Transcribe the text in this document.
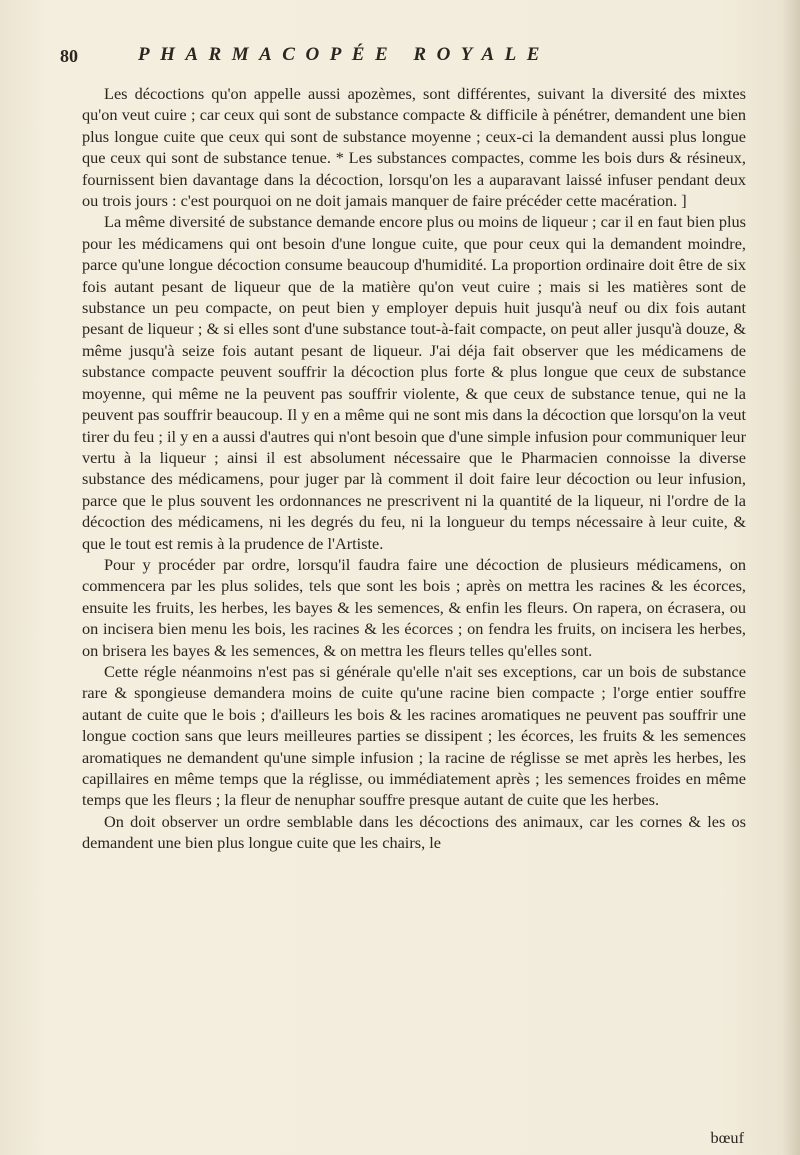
80	PHARMACOPÉE ROYALE

Les décoctions qu'on appelle aussi apozèmes, sont différentes, suivant la diversité des mixtes qu'on veut cuire ; car ceux qui sont de substance compacte & difficile à pénétrer, demandent une bien plus longue cuite que ceux qui sont de substance moyenne ; ceux-ci la demandent aussi plus longue que ceux qui sont de substance tenue. * Les substances compactes, comme les bois durs & résineux, fournissent bien davantage dans la décoction, lorsqu'on les a auparavant laissé infuser pendant deux ou trois jours : c'est pourquoi on ne doit jamais manquer de faire précéder cette macération. ]

La même diversité de substance demande encore plus ou moins de liqueur ; car il en faut bien plus pour les médicamens qui ont besoin d'une longue cuite, que pour ceux qui la demandent moindre, parce qu'une longue décoction consume beaucoup d'humidité. La proportion ordinaire doit être de six fois autant pesant de liqueur que de la matière qu'on veut cuire ; mais si les matières sont de substance un peu compacte, on peut bien y employer depuis huit jusqu'à neuf ou dix fois autant pesant de liqueur ; & si elles sont d'une substance tout-à-fait compacte, on peut aller jusqu'à douze, & même jusqu'à seize fois autant pesant de liqueur. J'ai déja fait observer que les médicamens de substance compacte peuvent souffrir la décoction plus forte & plus longue que ceux de substance moyenne, qui même ne la peuvent pas souffrir violente, & que ceux de substance tenue, qui ne la peuvent pas souffrir beaucoup. Il y en a même qui ne sont mis dans la décoction que lorsqu'on la veut tirer du feu ; il y en a aussi d'autres qui n'ont besoin que d'une simple infusion pour communiquer leur vertu à la liqueur ; ainsi il est absolument nécessaire que le Pharmacien connoisse la diverse substance des médicamens, pour juger par là comment il doit faire leur décoction ou leur infusion, parce que le plus souvent les ordonnances ne prescrivent ni la quantité de la liqueur, ni l'ordre de la décoction des médicamens, ni les degrés du feu, ni la longueur du temps nécessaire à leur cuite, & que le tout est remis à la prudence de l'Artiste.

Pour y procéder par ordre, lorsqu'il faudra faire une décoction de plusieurs médicamens, on commencera par les plus solides, tels que sont les bois ; après on mettra les racines & les écorces, ensuite les fruits, les herbes, les bayes & les semences, & enfin les fleurs. On rapera, on écrasera, ou on incisera bien menu les bois, les racines & les écorces ; on fendra les fruits, on incisera les herbes, on brisera les bayes & les semences, & on mettra les fleurs telles qu'elles sont.

Cette régle néanmoins n'est pas si générale qu'elle n'ait ses exceptions, car un bois de substance rare & spongieuse demandera moins de cuite qu'une racine bien compacte ; l'orge entier souffre autant de cuite que le bois ; d'ailleurs les bois & les racines aromatiques ne peuvent pas souffrir une longue coction sans que leurs meilleures parties se dissipent ; les écorces, les fruits & les semences aromatiques ne demandent qu'une simple infusion ; la racine de réglisse se met après les herbes, les capillaires en même temps que la réglisse, ou immédiatement après ; les semences froides en même temps que les fleurs ; la fleur de nenuphar souffre presque autant de cuite que les herbes.

On doit observer un ordre semblable dans les décoctions des animaux, car les cornes & les os demandent une bien plus longue cuite que les chairs, le

bœuf
